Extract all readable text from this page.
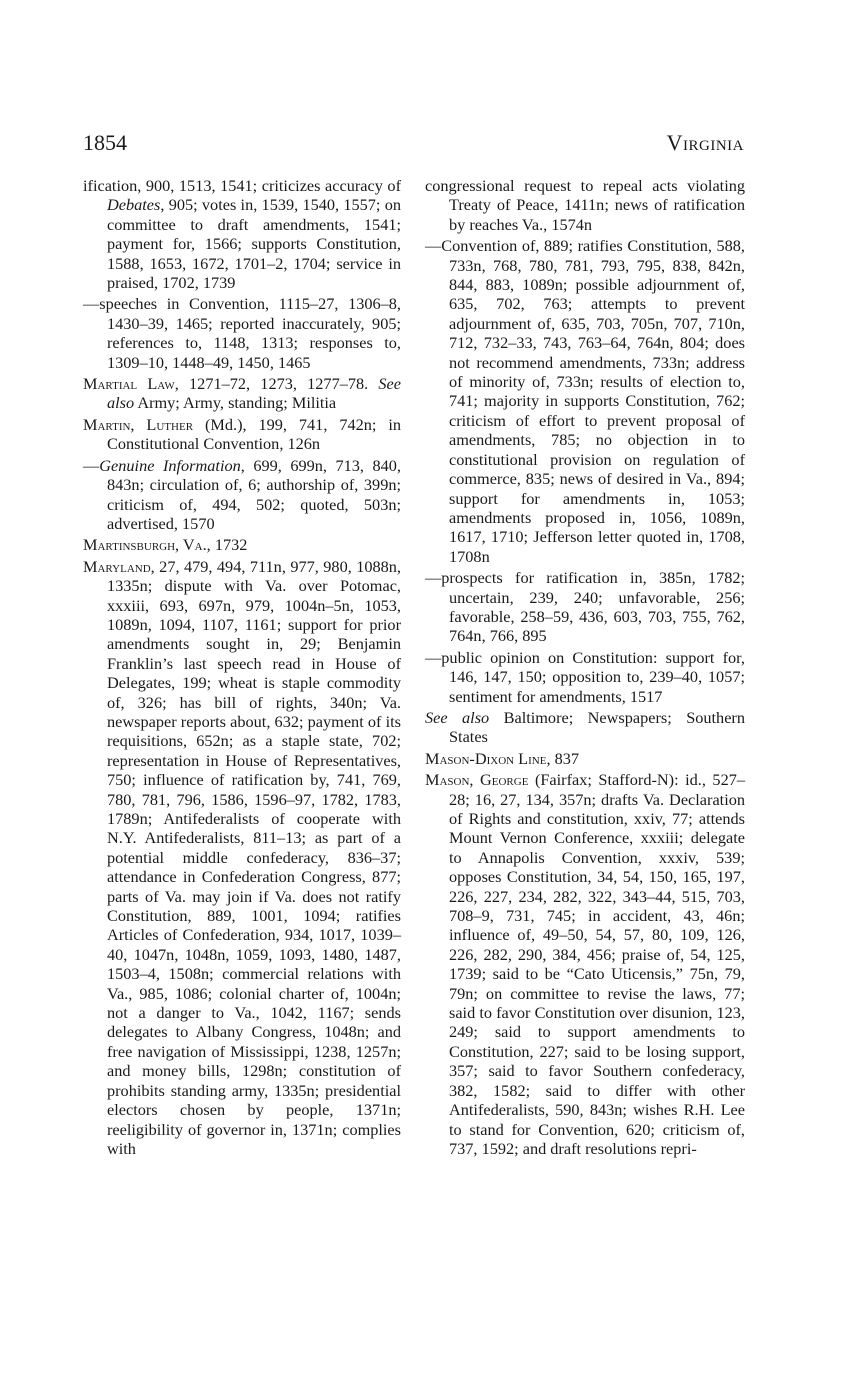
1854	Virginia

ification, 900, 1513, 1541; criticizes accuracy of Debates, 905; votes in, 1539, 1540, 1557; on committee to draft amendments, 1541; payment for, 1566; supports Constitution, 1588, 1653, 1672, 1701–2, 1704; service in praised, 1702, 1739

—speeches in Convention, 1115–27, 1306–8, 1430–39, 1465; reported inaccurately, 905; references to, 1148, 1313; responses to, 1309–10, 1448–49, 1450, 1465

Martial Law, 1271–72, 1273, 1277–78. See also Army; Army, standing; Militia

Martin, Luther (Md.), 199, 741, 742n; in Constitutional Convention, 126n

—Genuine Information, 699, 699n, 713, 840, 843n; circulation of, 6; authorship of, 399n; criticism of, 494, 502; quoted, 503n; advertised, 1570

Martinsburgh, Va., 1732

Maryland, 27, 479, 494, 711n, 977, 980, 1088n, 1335n; dispute with Va. over Potomac, xxxiii, 693, 697n, 979, 1004n–5n, 1053, 1089n, 1094, 1107, 1161; support for prior amendments sought in, 29; Benjamin Franklin’s last speech read in House of Delegates, 199; wheat is staple commodity of, 326; has bill of rights, 340n; Va. newspaper reports about, 632; payment of its requisitions, 652n; as a staple state, 702; representation in House of Representatives, 750; influence of ratification by, 741, 769, 780, 781, 796, 1586, 1596–97, 1782, 1783, 1789n; Antifederalists of cooperate with N.Y. Antifederalists, 811–13; as part of a potential middle confederacy, 836–37; attendance in Confederation Congress, 877; parts of Va. may join if Va. does not ratify Constitution, 889, 1001, 1094; ratifies Articles of Confederation, 934, 1017, 1039–40, 1047n, 1048n, 1059, 1093, 1480, 1487, 1503–4, 1508n; commercial relations with Va., 985, 1086; colonial charter of, 1004n; not a danger to Va., 1042, 1167; sends delegates to Albany Congress, 1048n; and free navigation of Mississippi, 1238, 1257n; and money bills, 1298n; constitution of prohibits standing army, 1335n; presidential electors chosen by people, 1371n; reeligibility of governor in, 1371n; complies with

congressional request to repeal acts violating Treaty of Peace, 1411n; news of ratification by reaches Va., 1574n

—Convention of, 889; ratifies Constitution, 588, 733n, 768, 780, 781, 793, 795, 838, 842n, 844, 883, 1089n; possible adjournment of, 635, 702, 763; attempts to prevent adjournment of, 635, 703, 705n, 707, 710n, 712, 732–33, 743, 763–64, 764n, 804; does not recommend amendments, 733n; address of minority of, 733n; results of election to, 741; majority in supports Constitution, 762; criticism of effort to prevent proposal of amendments, 785; no objection in to constitutional provision on regulation of commerce, 835; news of desired in Va., 894; support for amendments in, 1053; amendments proposed in, 1056, 1089n, 1617, 1710; Jefferson letter quoted in, 1708, 1708n

—prospects for ratification in, 385n, 1782; uncertain, 239, 240; unfavorable, 256; favorable, 258–59, 436, 603, 703, 755, 762, 764n, 766, 895

—public opinion on Constitution: support for, 146, 147, 150; opposition to, 239–40, 1057; sentiment for amendments, 1517

See also Baltimore; Newspapers; Southern States

Mason-Dixon Line, 837

Mason, George (Fairfax; Stafford-N): id., 527–28; 16, 27, 134, 357n; drafts Va. Declaration of Rights and constitution, xxiv, 77; attends Mount Vernon Conference, xxxiii; delegate to Annapolis Convention, xxxiv, 539; opposes Constitution, 34, 54, 150, 165, 197, 226, 227, 234, 282, 322, 343–44, 515, 703, 708–9, 731, 745; in accident, 43, 46n; influence of, 49–50, 54, 57, 80, 109, 126, 226, 282, 290, 384, 456; praise of, 54, 125, 1739; said to be “Cato Uticensis,” 75n, 79, 79n; on committee to revise the laws, 77; said to favor Constitution over disunion, 123, 249; said to support amendments to Constitution, 227; said to be losing support, 357; said to favor Southern confederacy, 382, 1582; said to differ with other Antifederalists, 590, 843n; wishes R.H. Lee to stand for Convention, 620; criticism of, 737, 1592; and draft resolutions repri-
